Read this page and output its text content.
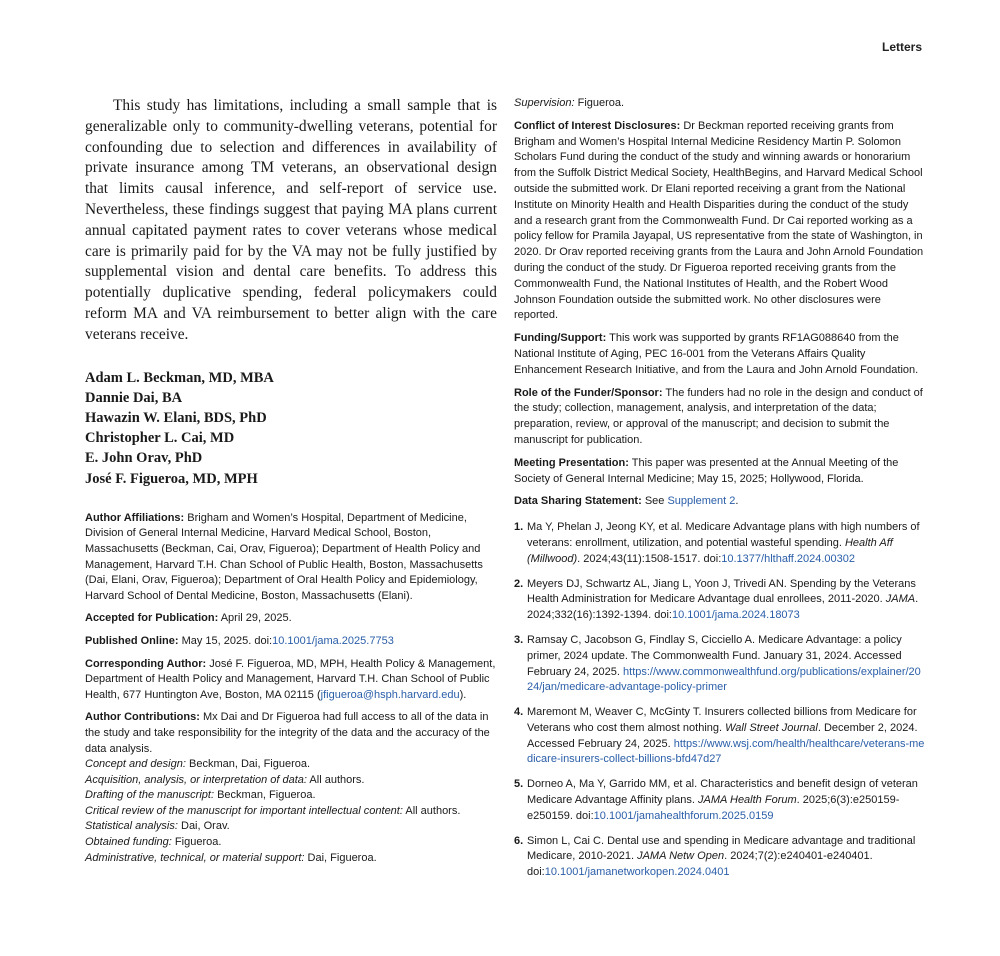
Letters

This study has limitations, including a small sample that is generalizable only to community-dwelling veterans, potential for confounding due to selection and differences in availability of private insurance among TM veterans, an observational design that limits causal inference, and self-report of service use. Nevertheless, these findings suggest that paying MA plans current annual capitated payment rates to cover veterans whose medical care is primarily paid for by the VA may not be fully justified by supplemental vision and dental care benefits. To address this potentially duplicative spending, federal policymakers could reform MA and VA reimbursement to better align with the care veterans receive.

Adam L. Beckman, MD, MBA
Dannie Dai, BA
Hawazin W. Elani, BDS, PhD
Christopher L. Cai, MD
E. John Orav, PhD
José F. Figueroa, MD, MPH

Author Affiliations: Brigham and Women’s Hospital, Department of Medicine, Division of General Internal Medicine, Harvard Medical School, Boston, Massachusetts (Beckman, Cai, Orav, Figueroa); Department of Health Policy and Management, Harvard T.H. Chan School of Public Health, Boston, Massachusetts (Dai, Elani, Orav, Figueroa); Department of Oral Health Policy and Epidemiology, Harvard School of Dental Medicine, Boston, Massachusetts (Elani).

Accepted for Publication: April 29, 2025.

Published Online: May 15, 2025. doi:10.1001/jama.2025.7753

Corresponding Author: José F. Figueroa, MD, MPH, Health Policy & Management, Department of Health Policy and Management, Harvard T.H. Chan School of Public Health, 677 Huntington Ave, Boston, MA 02115 (jfigueroa@hsph.harvard.edu).

Author Contributions: Mx Dai and Dr Figueroa had full access to all of the data in the study and take responsibility for the integrity of the data and the accuracy of the data analysis.

Concept and design: Beckman, Dai, Figueroa.
Acquisition, analysis, or interpretation of data: All authors.
Drafting of the manuscript: Beckman, Figueroa.
Critical review of the manuscript for important intellectual content: All authors.
Statistical analysis: Dai, Orav.
Obtained funding: Figueroa.
Administrative, technical, or material support: Dai, Figueroa.

Supervision: Figueroa.

Conflict of Interest Disclosures: Dr Beckman reported receiving grants from Brigham and Women’s Hospital Internal Medicine Residency Martin P. Solomon Scholars Fund during the conduct of the study and winning awards or honorarium from the Suffolk District Medical Society, HealthBegins, and Harvard Medical School outside the submitted work. Dr Elani reported receiving a grant from the National Institute on Minority Health and Health Disparities during the conduct of the study and a research grant from the Commonwealth Fund. Dr Cai reported working as a policy fellow for Pramila Jayapal, US representative from the state of Washington, in 2020. Dr Orav reported receiving grants from the Laura and John Arnold Foundation during the conduct of the study. Dr Figueroa reported receiving grants from the Commonwealth Fund, the National Institutes of Health, and the Robert Wood Johnson Foundation outside the submitted work. No other disclosures were reported.

Funding/Support: This work was supported by grants RF1AG088640 from the National Institute of Aging, PEC 16-001 from the Veterans Affairs Quality Enhancement Research Initiative, and from the Laura and John Arnold Foundation.

Role of the Funder/Sponsor: The funders had no role in the design and conduct of the study; collection, management, analysis, and interpretation of the data; preparation, review, or approval of the manuscript; and decision to submit the manuscript for publication.

Meeting Presentation: This paper was presented at the Annual Meeting of the Society of General Internal Medicine; May 15, 2025; Hollywood, Florida.

Data Sharing Statement: See Supplement 2.

1. Ma Y, Phelan J, Jeong KY, et al. Medicare Advantage plans with high numbers of veterans: enrollment, utilization, and potential wasteful spending. Health Aff (Millwood). 2024;43(11):1508-1517. doi:10.1377/hlthaff.2024.00302
2. Meyers DJ, Schwartz AL, Jiang L, Yoon J, Trivedi AN. Spending by the Veterans Health Administration for Medicare Advantage dual enrollees, 2011-2020. JAMA. 2024;332(16):1392-1394. doi:10.1001/jama.2024.18073
3. Ramsay C, Jacobson G, Findlay S, Cicciello A. Medicare Advantage: a policy primer, 2024 update. The Commonwealth Fund. January 31, 2024. Accessed February 24, 2025. https://www.commonwealthfund.org/publications/explainer/2024/jan/medicare-advantage-policy-primer
4. Maremont M, Weaver C, McGinty T. Insurers collected billions from Medicare for Veterans who cost them almost nothing. Wall Street Journal. December 2, 2024. Accessed February 24, 2025. https://www.wsj.com/health/healthcare/veterans-medicare-insurers-collect-billions-bfd47d27
5. Dorneo A, Ma Y, Garrido MM, et al. Characteristics and benefit design of veteran Medicare Advantage Affinity plans. JAMA Health Forum. 2025;6(3):e250159-e250159. doi:10.1001/jamahealthforum.2025.0159
6. Simon L, Cai C. Dental use and spending in Medicare advantage and traditional Medicare, 2010-2021. JAMA Netw Open. 2024;7(2):e240401-e240401. doi:10.1001/jamanetworkopen.2024.0401
